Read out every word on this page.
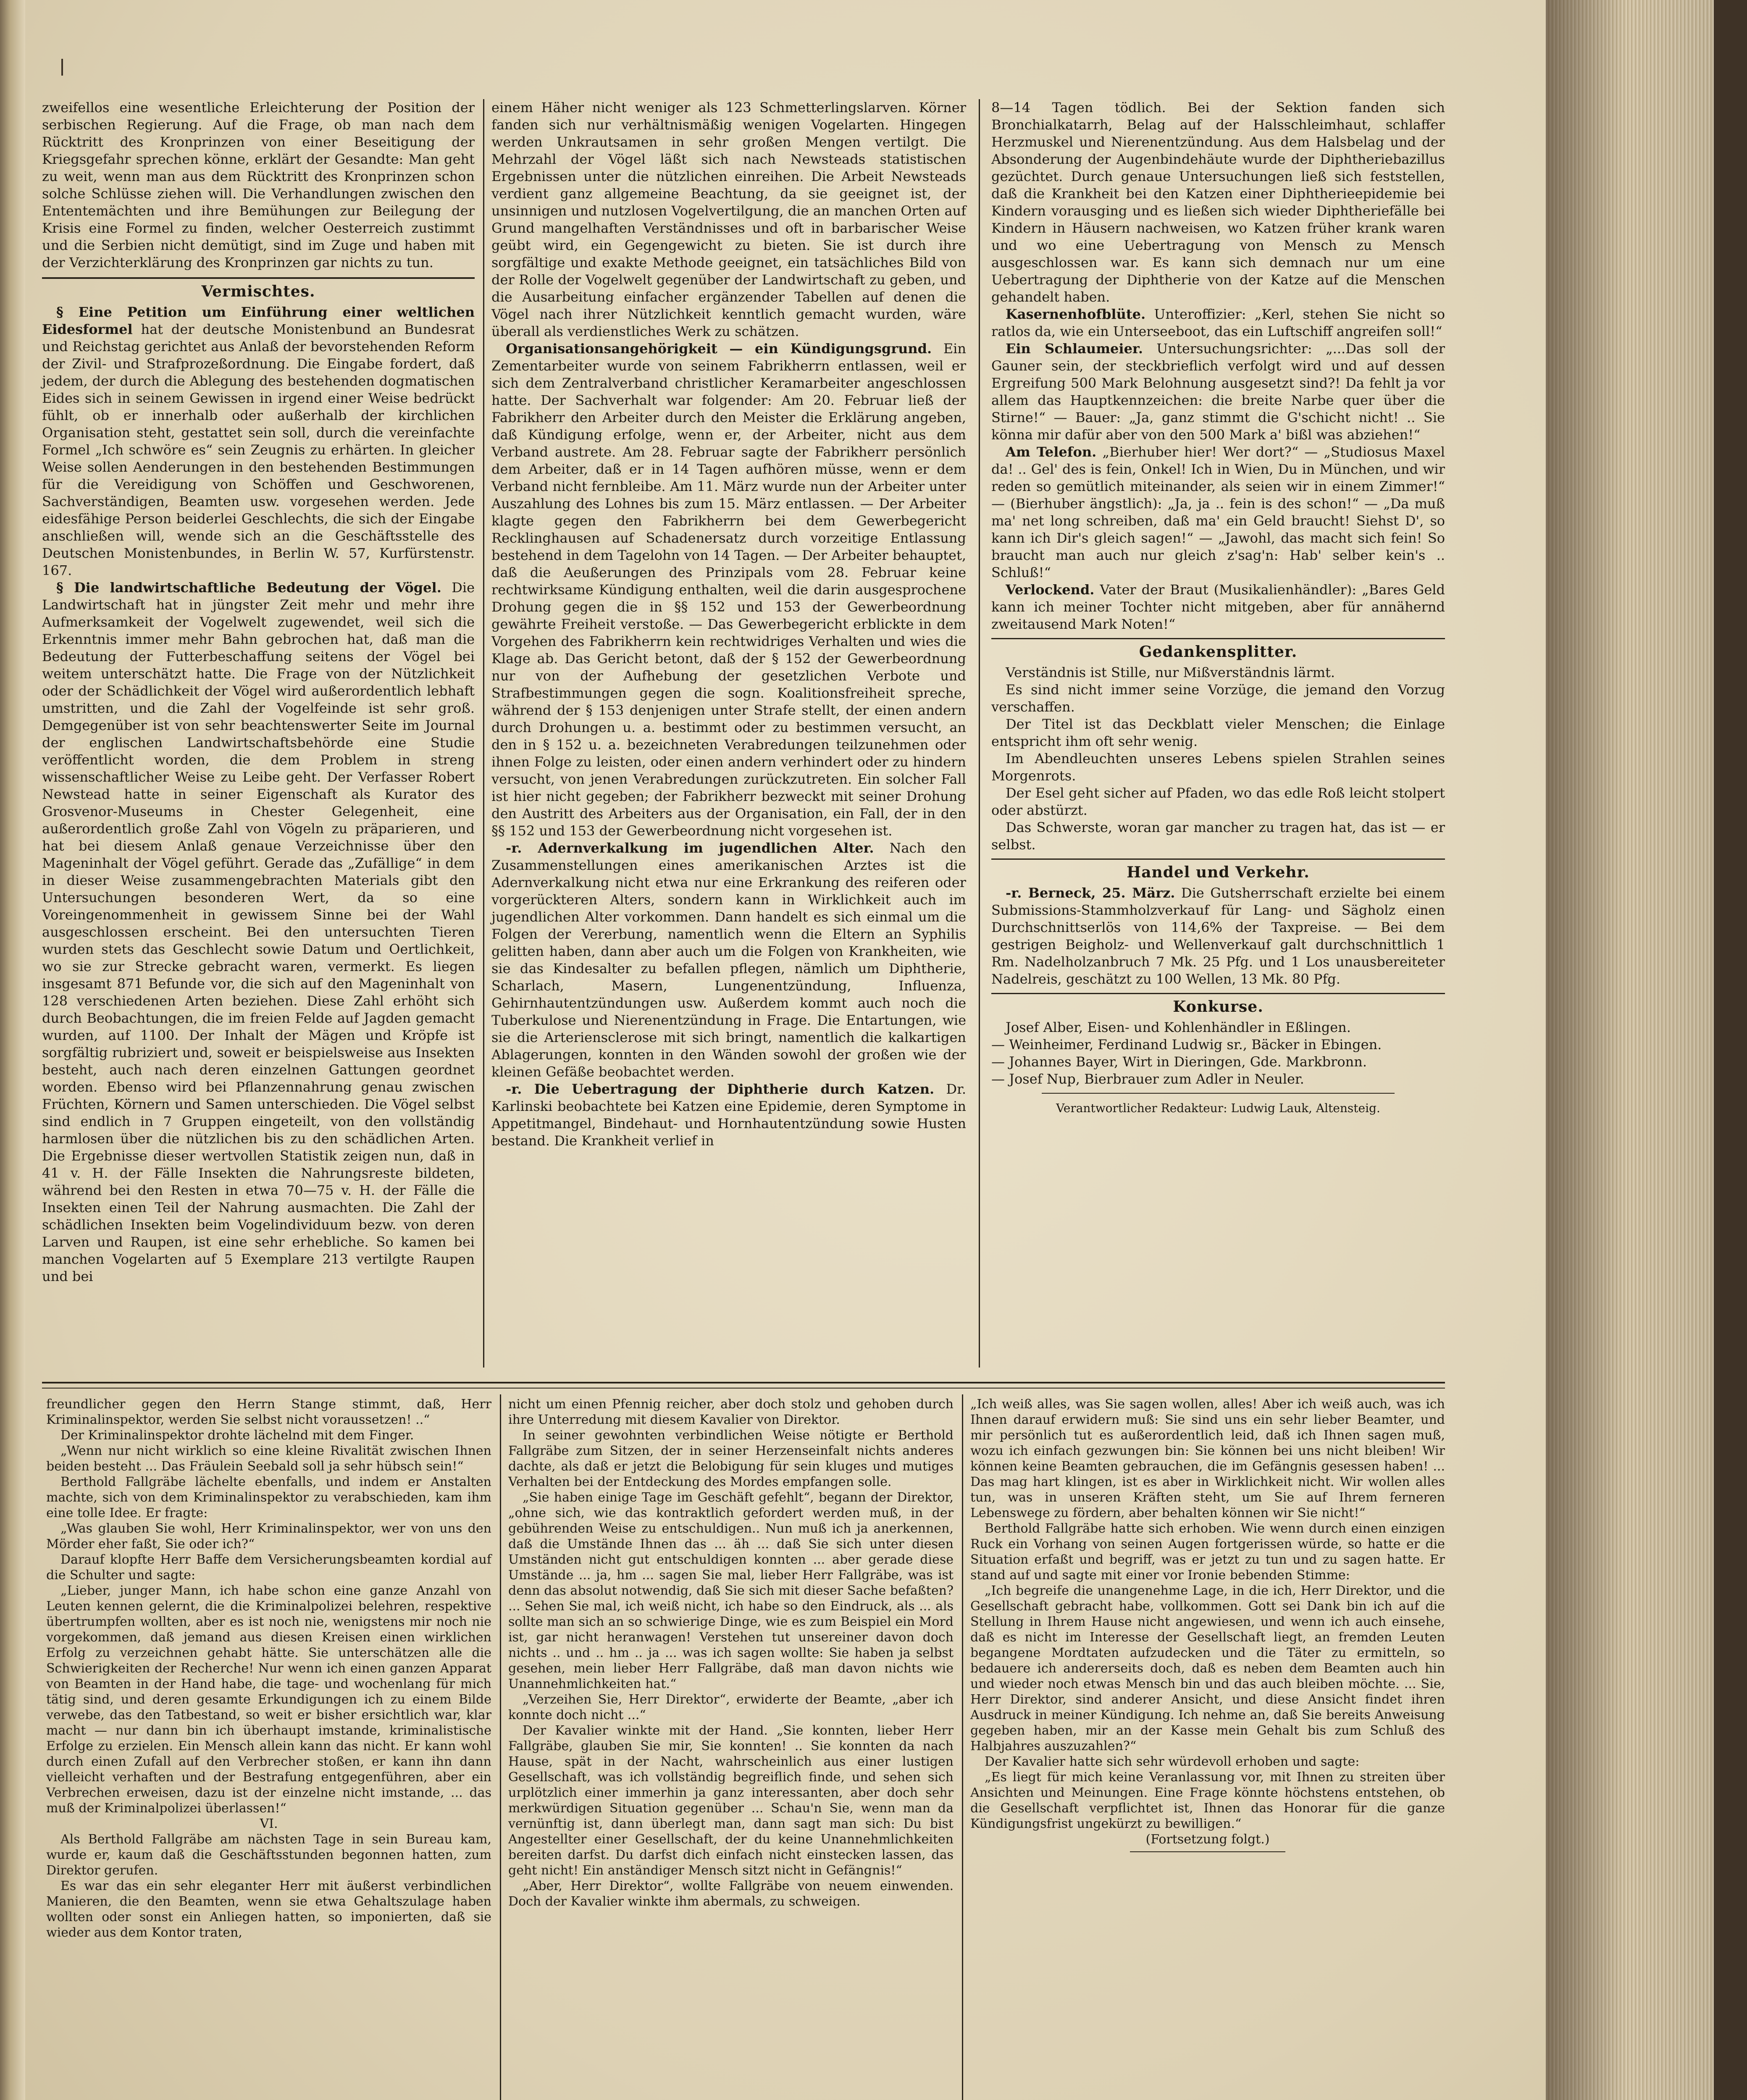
zweifellos eine wesentliche Erleichterung der Position der serbischen Regierung. Auf die Frage, ob man nach dem Rücktritt des Kronprinzen von einer Beseitigung der Kriegsgefahr sprechen könne, erklärt der Gesandte: Man geht zu weit, wenn man aus dem Rücktritt des Kronprinzen schon solche Schlüsse ziehen will. Die Verhandlungen zwischen den Ententemächten und ihre Bemühungen zur Beilegung der Krisis eine Formel zu finden, welcher Oesterreich zustimmt und die Serbien nicht demütigt, sind im Zuge und haben mit der Verzichterklärung des Kronprinzen gar nichts zu tun.

Vermischtes.

§ Eine Petition um Einführung einer weltlichen Eidesformel hat der deutsche Monistenbund an Bundesrat und Reichstag gerichtet aus Anlaß der bevorstehenden Reform der Zivil- und Strafprozeßordnung. Die Eingabe fordert, daß jedem, der durch die Ablegung des bestehenden dogmatischen Eides sich in seinem Gewissen in irgend einer Weise bedrückt fühlt, ob er innerhalb oder außerhalb der kirchlichen Organisation steht, gestattet sein soll, durch die vereinfachte Formel „Ich schwöre es“ sein Zeugnis zu erhärten. In gleicher Weise sollen Aenderungen in den bestehenden Bestimmungen für die Vereidigung von Schöffen und Geschworenen, Sachverständigen, Beamten usw. vorgesehen werden. Jede eidesfähige Person beiderlei Geschlechts, die sich der Eingabe anschließen will, wende sich an die Geschäftsstelle des Deutschen Monistenbundes, in Berlin W. 57, Kurfürstenstr. 167.

§ Die landwirtschaftliche Bedeutung der Vögel. Die Landwirtschaft hat in jüngster Zeit mehr und mehr ihre Aufmerksamkeit der Vogelwelt zugewendet, weil sich die Erkenntnis immer mehr Bahn gebrochen hat, daß man die Bedeutung der Futterbeschaffung seitens der Vögel bei weitem unterschätzt hatte. Die Frage von der Nützlichkeit oder der Schädlichkeit der Vögel wird außerordentlich lebhaft umstritten, und die Zahl der Vogelfeinde ist sehr groß. Demgegenüber ist von sehr beachtenswerter Seite im Journal der englischen Landwirtschaftsbehörde eine Studie veröffentlicht worden, die dem Problem in streng wissenschaftlicher Weise zu Leibe geht. Der Verfasser Robert Newstead hatte in seiner Eigenschaft als Kurator des Grosvenor-Museums in Chester Gelegenheit, eine außerordentlich große Zahl von Vögeln zu präparieren, und hat bei diesem Anlaß genaue Verzeichnisse über den Mageninhalt der Vögel geführt. Gerade das „Zufällige“ in dem in dieser Weise zusammengebrachten Materials gibt den Untersuchungen besonderen Wert, da so eine Voreingenommenheit in gewissem Sinne bei der Wahl ausgeschlossen erscheint. Bei den untersuchten Tieren wurden stets das Geschlecht sowie Datum und Oertlichkeit, wo sie zur Strecke gebracht waren, vermerkt. Es liegen insgesamt 871 Befunde vor, die sich auf den Mageninhalt von 128 verschiedenen Arten beziehen. Diese Zahl erhöht sich durch Beobachtungen, die im freien Felde auf Jagden gemacht wurden, auf 1100. Der Inhalt der Mägen und Kröpfe ist sorgfältig rubriziert und, soweit er beispielsweise aus Insekten besteht, auch nach deren einzelnen Gattungen geordnet worden. Ebenso wird bei Pflanzennahrung genau zwischen Früchten, Körnern und Samen unterschieden. Die Vögel selbst sind endlich in 7 Gruppen eingeteilt, von den vollständig harmlosen über die nützlichen bis zu den schädlichen Arten. Die Ergebnisse dieser wertvollen Statistik zeigen nun, daß in 41 v. H. der Fälle Insekten die Nahrungsreste bildeten, während bei den Resten in etwa 70—75 v. H. der Fälle die Insekten einen Teil der Nahrung ausmachten. Die Zahl der schädlichen Insekten beim Vogelindividuum bezw. von deren Larven und Raupen, ist eine sehr erhebliche. So kamen bei manchen Vogelarten auf 5 Exemplare 213 vertilgte Raupen und bei

einem Häher nicht weniger als 123 Schmetterlingslarven. Körner fanden sich nur verhältnismäßig wenigen Vogelarten. Hingegen werden Unkrautsamen in sehr großen Mengen vertilgt. Die Mehrzahl der Vögel läßt sich nach Newsteads statistischen Ergebnissen unter die nützlichen einreihen. Die Arbeit Newsteads verdient ganz allgemeine Beachtung, da sie geeignet ist, der unsinnigen und nutzlosen Vogelvertilgung, die an manchen Orten auf Grund mangelhaften Verständnisses und oft in barbarischer Weise geübt wird, ein Gegengewicht zu bieten. Sie ist durch ihre sorgfältige und exakte Methode geeignet, ein tatsächliches Bild von der Rolle der Vogelwelt gegenüber der Landwirtschaft zu geben, und die Ausarbeitung einfacher ergänzender Tabellen auf denen die Vögel nach ihrer Nützlichkeit kenntlich gemacht wurden, wäre überall als verdienstliches Werk zu schätzen.

Organisationsangehörigkeit — ein Kündigungsgrund. Ein Zementarbeiter wurde von seinem Fabrikherrn entlassen, weil er sich dem Zentralverband christlicher Keramarbeiter angeschlossen hatte. Der Sachverhalt war folgender: Am 20. Februar ließ der Fabrikherr den Arbeiter durch den Meister die Erklärung angeben, daß Kündigung erfolge, wenn er, der Arbeiter, nicht aus dem Verband austrete. Am 28. Februar sagte der Fabrikherr persönlich dem Arbeiter, daß er in 14 Tagen aufhören müsse, wenn er dem Verband nicht fernbleibe. Am 11. März wurde nun der Arbeiter unter Auszahlung des Lohnes bis zum 15. März entlassen. — Der Arbeiter klagte gegen den Fabrikherrn bei dem Gewerbegericht Recklinghausen auf Schadenersatz durch vorzeitige Entlassung bestehend in dem Tagelohn von 14 Tagen. — Der Arbeiter behauptet, daß die Aeußerungen des Prinzipals vom 28. Februar keine rechtwirksame Kündigung enthalten, weil die darin ausgesprochene Drohung gegen die in §§ 152 und 153 der Gewerbeordnung gewährte Freiheit verstoße. — Das Gewerbegericht erblickte in dem Vorgehen des Fabrikherrn kein rechtwidriges Verhalten und wies die Klage ab. Das Gericht betont, daß der § 152 der Gewerbeordnung nur von der Aufhebung der gesetzlichen Verbote und Strafbestimmungen gegen die sogn. Koalitionsfreiheit spreche, während der § 153 denjenigen unter Strafe stellt, der einen andern durch Drohungen u. a. bestimmt oder zu bestimmen versucht, an den in § 152 u. a. bezeichneten Verabredungen teilzunehmen oder ihnen Folge zu leisten, oder einen andern verhindert oder zu hindern versucht, von jenen Verabredungen zurückzutreten. Ein solcher Fall ist hier nicht gegeben; der Fabrikherr bezweckt mit seiner Drohung den Austritt des Arbeiters aus der Organisation, ein Fall, der in den §§ 152 und 153 der Gewerbeordnung nicht vorgesehen ist.

-r. Adernverkalkung im jugendlichen Alter. Nach den Zusammenstellungen eines amerikanischen Arztes ist die Adernverkalkung nicht etwa nur eine Erkrankung des reiferen oder vorgerückteren Alters, sondern kann in Wirklichkeit auch im jugendlichen Alter vorkommen. Dann handelt es sich einmal um die Folgen der Vererbung, namentlich wenn die Eltern an Syphilis gelitten haben, dann aber auch um die Folgen von Krankheiten, wie sie das Kindesalter zu befallen pflegen, nämlich um Diphtherie, Scharlach, Masern, Lungenentzündung, Influenza, Gehirnhautentzündungen usw. Außerdem kommt auch noch die Tuberkulose und Nierenentzündung in Frage. Die Entartungen, wie sie die Arteriensclerose mit sich bringt, namentlich die kalkartigen Ablagerungen, konnten in den Wänden sowohl der großen wie der kleinen Gefäße beobachtet werden.

-r. Die Uebertragung der Diphtherie durch Katzen. Dr. Karlinski beobachtete bei Katzen eine Epidemie, deren Symptome in Appetitmangel, Bindehaut- und Hornhautentzündung sowie Husten bestand. Die Krankheit verlief in

8—14 Tagen tödlich. Bei der Sektion fanden sich Bronchialkatarrh, Belag auf der Halsschleimhaut, schlaffer Herzmuskel und Nierenentzündung. Aus dem Halsbelag und der Absonderung der Augenbindehäute wurde der Diphtheriebazillus gezüchtet. Durch genaue Untersuchungen ließ sich feststellen, daß die Krankheit bei den Katzen einer Diphtherieepidemie bei Kindern vorausging und es ließen sich wieder Diphtheriefälle bei Kindern in Häusern nachweisen, wo Katzen früher krank waren und wo eine Uebertragung von Mensch zu Mensch ausgeschlossen war. Es kann sich demnach nur um eine Uebertragung der Diphtherie von der Katze auf die Menschen gehandelt haben.

Kasernenhofblüte. Unteroffizier: „Kerl, stehen Sie nicht so ratlos da, wie ein Unterseeboot, das ein Luftschiff angreifen soll!“

Ein Schlaumeier. Untersuchungsrichter: „...Das soll der Gauner sein, der steckbrieflich verfolgt wird und auf dessen Ergreifung 500 Mark Belohnung ausgesetzt sind?! Da fehlt ja vor allem das Hauptkennzeichen: die breite Narbe quer über die Stirne!“ — Bauer: „Ja, ganz stimmt die G'schicht nicht! .. Sie könna mir dafür aber von den 500 Mark a' bißl was abziehen!“

Am Telefon. „Bierhuber hier! Wer dort?“ — „Studiosus Maxel da! .. Gel' des is fein, Onkel! Ich in Wien, Du in München, und wir reden so gemütlich miteinander, als seien wir in einem Zimmer!“ — (Bierhuber ängstlich): „Ja, ja .. fein is des schon!“ — „Da muß ma' net long schreiben, daß ma' ein Geld braucht! Siehst D', so kann ich Dir's gleich sagen!“ — „Jawohl, das macht sich fein! So braucht man auch nur gleich z'sag'n: Hab' selber kein's .. Schluß!“

Verlockend. Vater der Braut (Musikalienhändler): „Bares Geld kann ich meiner Tochter nicht mitgeben, aber für annähernd zweitausend Mark Noten!“

Gedankensplitter.

Verständnis ist Stille, nur Mißverständnis lärmt.

Es sind nicht immer seine Vorzüge, die jemand den Vorzug verschaffen.

Der Titel ist das Deckblatt vieler Menschen; die Einlage entspricht ihm oft sehr wenig.

Im Abendleuchten unseres Lebens spielen Strahlen seines Morgenrots.

Der Esel geht sicher auf Pfaden, wo das edle Roß leicht stolpert oder abstürzt.

Das Schwerste, woran gar mancher zu tragen hat, das ist — er selbst.

Handel und Verkehr.

-r. Berneck, 25. März. Die Gutsherrschaft erzielte bei einem Submissions-Stammholzverkauf für Lang- und Sägholz einen Durchschnittserlös von 114,6% der Taxpreise. — Bei dem gestrigen Beigholz- und Wellenverkauf galt durchschnittlich 1 Rm. Nadelholzanbruch 7 Mk. 25 Pfg. und 1 Los unausbereiteter Nadelreis, geschätzt zu 100 Wellen, 13 Mk. 80 Pfg.

Konkurse.

Josef Alber, Eisen- und Kohlenhändler in Eßlingen.

— Weinheimer, Ferdinand Ludwig sr., Bäcker in Ebingen.

— Johannes Bayer, Wirt in Dieringen, Gde. Markbronn.

— Josef Nup, Bierbrauer zum Adler in Neuler.

Verantwortlicher Redakteur: Ludwig Lauk, Altensteig.

freundlicher gegen den Herrn Stange stimmt, daß, Herr Kriminalinspektor, werden Sie selbst nicht voraussetzen! ..“

Der Kriminalinspektor drohte lächelnd mit dem Finger.

„Wenn nur nicht wirklich so eine kleine Rivalität zwischen Ihnen beiden besteht ... Das Fräulein Seebald soll ja sehr hübsch sein!“

Berthold Fallgräbe lächelte ebenfalls, und indem er Anstalten machte, sich von dem Kriminalinspektor zu verabschieden, kam ihm eine tolle Idee. Er fragte:

„Was glauben Sie wohl, Herr Kriminalinspektor, wer von uns den Mörder eher faßt, Sie oder ich?“

Darauf klopfte Herr Baffe dem Versicherungsbeamten kordial auf die Schulter und sagte:

„Lieber, junger Mann, ich habe schon eine ganze Anzahl von Leuten kennen gelernt, die die Kriminalpolizei belehren, respektive übertrumpfen wollten, aber es ist noch nie, wenigstens mir noch nie vorgekommen, daß jemand aus diesen Kreisen einen wirklichen Erfolg zu verzeichnen gehabt hätte. Sie unterschätzen alle die Schwierigkeiten der Recherche! Nur wenn ich einen ganzen Apparat von Beamten in der Hand habe, die tage- und wochenlang für mich tätig sind, und deren gesamte Erkundigungen ich zu einem Bilde verwebe, das den Tatbestand, so weit er bisher ersichtlich war, klar macht — nur dann bin ich überhaupt imstande, kriminalistische Erfolge zu erzielen. Ein Mensch allein kann das nicht. Er kann wohl durch einen Zufall auf den Verbrecher stoßen, er kann ihn dann vielleicht verhaften und der Bestrafung entgegenführen, aber ein Verbrechen erweisen, dazu ist der einzelne nicht imstande, ... das muß der Kriminalpolizei überlassen!“

VI.

Als Berthold Fallgräbe am nächsten Tage in sein Bureau kam, wurde er, kaum daß die Geschäftsstunden begonnen hatten, zum Direktor gerufen.

Es war das ein sehr eleganter Herr mit äußerst verbindlichen Manieren, die den Beamten, wenn sie etwa Gehaltszulage haben wollten oder sonst ein Anliegen hatten, so imponierten, daß sie wieder aus dem Kontor traten,

nicht um einen Pfennig reicher, aber doch stolz und gehoben durch ihre Unterredung mit diesem Kavalier von Direktor.

In seiner gewohnten verbindlichen Weise nötigte er Berthold Fallgräbe zum Sitzen, der in seiner Herzenseinfalt nichts anderes dachte, als daß er jetzt die Belobigung für sein kluges und mutiges Verhalten bei der Entdeckung des Mordes empfangen solle.

„Sie haben einige Tage im Geschäft gefehlt“, begann der Direktor, „ohne sich, wie das kontraktlich gefordert werden muß, in der gebührenden Weise zu entschuldigen.. Nun muß ich ja anerkennen, daß die Umstände Ihnen das ... äh ... daß Sie sich unter diesen Umständen nicht gut entschuldigen konnten ... aber gerade diese Umstände ... ja, hm ... sagen Sie mal, lieber Herr Fallgräbe, was ist denn das absolut notwendig, daß Sie sich mit dieser Sache befaßten? ... Sehen Sie mal, ich weiß nicht, ich habe so den Eindruck, als ... als sollte man sich an so schwierige Dinge, wie es zum Beispiel ein Mord ist, gar nicht heranwagen! Verstehen tut unsereiner davon doch nichts .. und .. hm .. ja ... was ich sagen wollte: Sie haben ja selbst gesehen, mein lieber Herr Fallgräbe, daß man davon nichts wie Unannehmlichkeiten hat.“

„Verzeihen Sie, Herr Direktor“, erwiderte der Beamte, „aber ich konnte doch nicht ...“

Der Kavalier winkte mit der Hand. „Sie konnten, lieber Herr Fallgräbe, glauben Sie mir, Sie konnten! .. Sie konnten da nach Hause, spät in der Nacht, wahrscheinlich aus einer lustigen Gesellschaft, was ich vollständig begreiflich finde, und sehen sich urplötzlich einer immerhin ja ganz interessanten, aber doch sehr merkwürdigen Situation gegenüber ... Schau'n Sie, wenn man da vernünftig ist, dann überlegt man, dann sagt man sich: Du bist Angestellter einer Gesellschaft, der du keine Unannehmlichkeiten bereiten darfst. Du darfst dich einfach nicht einstecken lassen, das geht nicht! Ein anständiger Mensch sitzt nicht in Gefängnis!“

„Aber, Herr Direktor“, wollte Fallgräbe von neuem einwenden. Doch der Kavalier winkte ihm abermals, zu schweigen.

„Ich weiß alles, was Sie sagen wollen, alles! Aber ich weiß auch, was ich Ihnen darauf erwidern muß: Sie sind uns ein sehr lieber Beamter, und mir persönlich tut es außerordentlich leid, daß ich Ihnen sagen muß, wozu ich einfach gezwungen bin: Sie können bei uns nicht bleiben! Wir können keine Beamten gebrauchen, die im Gefängnis gesessen haben! ... Das mag hart klingen, ist es aber in Wirklichkeit nicht. Wir wollen alles tun, was in unseren Kräften steht, um Sie auf Ihrem ferneren Lebenswege zu fördern, aber behalten können wir Sie nicht!“

Berthold Fallgräbe hatte sich erhoben. Wie wenn durch einen einzigen Ruck ein Vorhang von seinen Augen fortgerissen würde, so hatte er die Situation erfaßt und begriff, was er jetzt zu tun und zu sagen hatte. Er stand auf und sagte mit einer vor Ironie bebenden Stimme:

„Ich begreife die unangenehme Lage, in die ich, Herr Direktor, und die Gesellschaft gebracht habe, vollkommen. Gott sei Dank bin ich auf die Stellung in Ihrem Hause nicht angewiesen, und wenn ich auch einsehe, daß es nicht im Interesse der Gesellschaft liegt, an fremden Leuten begangene Mordtaten aufzudecken und die Täter zu ermitteln, so bedauere ich andererseits doch, daß es neben dem Beamten auch hin und wieder noch etwas Mensch bin und das auch bleiben möchte. ... Sie, Herr Direktor, sind anderer Ansicht, und diese Ansicht findet ihren Ausdruck in meiner Kündigung. Ich nehme an, daß Sie bereits Anweisung gegeben haben, mir an der Kasse mein Gehalt bis zum Schluß des Halbjahres auszuzahlen?“

Der Kavalier hatte sich sehr würdevoll erhoben und sagte:

„Es liegt für mich keine Veranlassung vor, mit Ihnen zu streiten über Ansichten und Meinungen. Eine Frage könnte höchstens entstehen, ob die Gesellschaft verpflichtet ist, Ihnen das Honorar für die ganze Kündigungsfrist ungekürzt zu bewilligen.“

(Fortsetzung folgt.)
